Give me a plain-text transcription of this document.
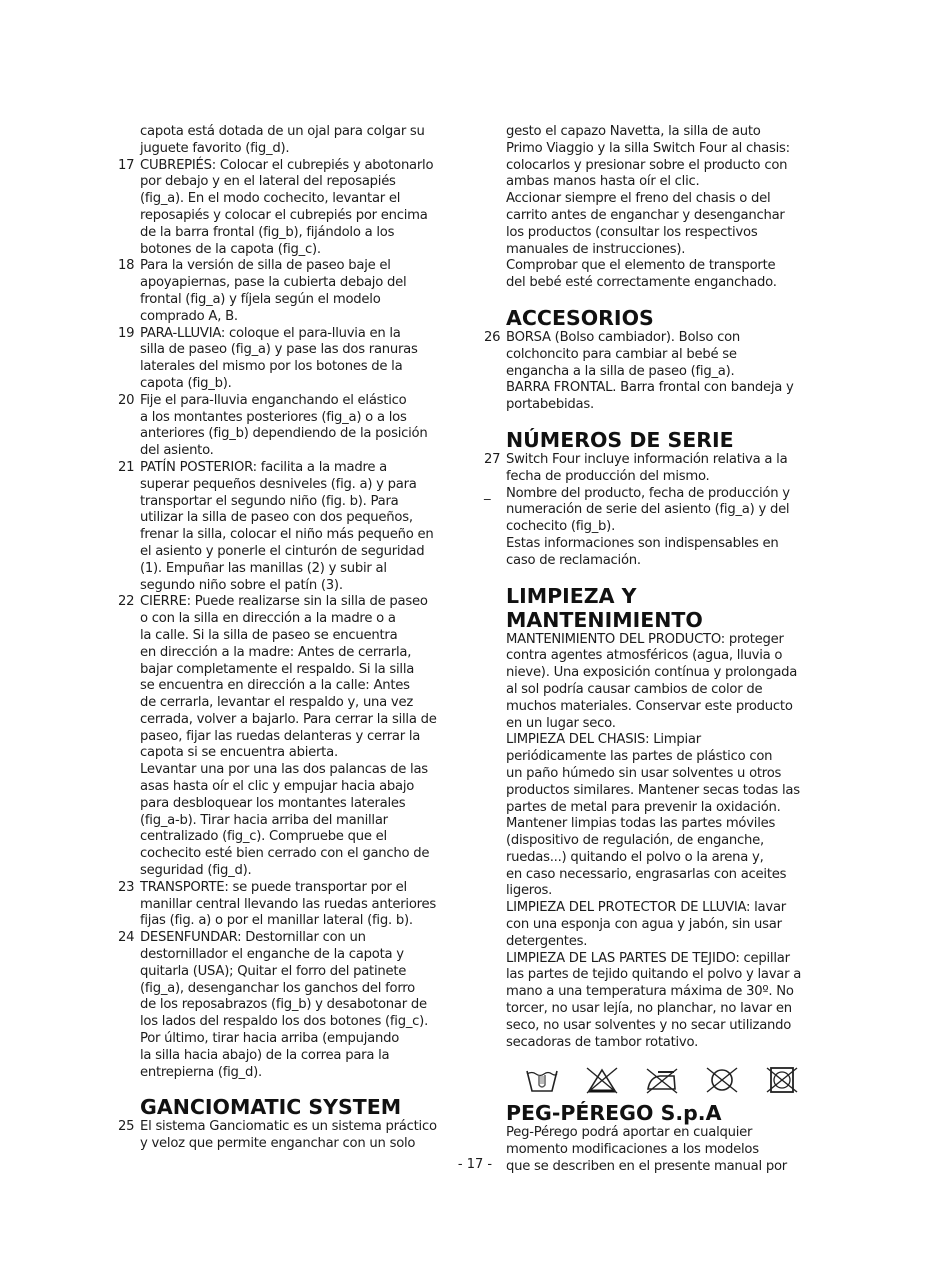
capota está dotada de un ojal para colgar su
juguete favorito (fig_d).
17 CUBREPIÉS: Colocar el cubrepiés y abotonarlo
por debajo y en el lateral del reposapiés
(fig_a). En el modo cochecito, levantar el
reposapiés y colocar el cubrepiés por encima
de la barra frontal (fig_b), fijándolo a los
botones de la capota (fig_c).
18 Para la versión de silla de paseo baje el
apoyapiernas, pase la cubierta debajo del
frontal (fig_a) y fíjela según el modelo
comprado A, B.
19 PARA-LLUVIA: coloque el para-lluvia en la
silla de paseo (fig_a) y pase las dos ranuras
laterales del mismo por los botones de la
capota (fig_b).
20 Fije el para-lluvia enganchando el elástico
a los montantes posteriores (fig_a) o a los
anteriores (fig_b) dependiendo de la posición
del asiento.
21 PATÍN POSTERIOR: facilita a la madre a
superar pequeños desniveles (fig. a) y para
transportar el segundo niño (fig. b). Para
utilizar la silla de paseo con dos pequeños,
frenar la silla, colocar el niño más pequeño en
el asiento y ponerle el cinturón de seguridad
(1). Empuñar las manillas (2) y subir al
segundo niño sobre el patín (3).
22 CIERRE: Puede realizarse sin la silla de paseo
o con la silla en dirección a la madre o a
la calle. Si la silla de paseo se encuentra
en dirección a la madre: Antes de cerrarla,
bajar completamente el respaldo. Si la silla
se encuentra en dirección a la calle: Antes
de cerrarla, levantar el respaldo y, una vez
cerrada, volver a bajarlo. Para cerrar la silla de
paseo, fijar las ruedas delanteras y cerrar la
capota si se encuentra abierta.
Levantar una por una las dos palancas de las
asas hasta oír el clic y empujar hacia abajo
para desbloquear los montantes laterales
(fig_a-b). Tirar hacia arriba del manillar
centralizado (fig_c). Compruebe que el
cochecito esté bien cerrado con el gancho de
seguridad (fig_d).
23 TRANSPORTE: se puede transportar por el
manillar central llevando las ruedas anteriores
fijas (fig. a) o por el manillar lateral (fig. b).
24 DESENFUNDAR: Destornillar con un
destornillador el enganche de la capota y
quitarla (USA); Quitar el forro del patinete
(fig_a), desenganchar los ganchos del forro
de los reposabrazos (fig_b) y desabotonar de
los lados del respaldo los dos botones (fig_c).
Por último, tirar hacia arriba (empujando
la silla hacia abajo) de la correa para la
entrepierna (fig_d).
GANCIOMATIC SYSTEM
25 El sistema Ganciomatic es un sistema práctico
y veloz que permite enganchar con un solo
gesto el capazo Navetta, la silla de auto
Primo Viaggio y la silla Switch Four al chasis:
colocarlos y presionar sobre el producto con
ambas manos hasta oír el clic.
Accionar siempre el freno del chasis o del
carrito antes de enganchar y desenganchar
los productos (consultar los respectivos
manuales de instrucciones).
Comprobar que el elemento de transporte
del bebé esté correctamente enganchado.
ACCESORIOS
26 BORSA (Bolso cambiador). Bolso con
colchoncito para cambiar al bebé se
engancha a la silla de paseo (fig_a).
BARRA FRONTAL. Barra frontal con bandeja y
portabebidas.
NÚMEROS DE SERIE
27 Switch Four incluye información relativa a la
fecha de producción del mismo.
_	Nombre del producto, fecha de producción y
numeración de serie del asiento (fig_a) y del
cochecito (fig_b).
Estas informaciones son indispensables en
caso de reclamación.
LIMPIEZA Y MANTENIMIENTO
MANTENIMIENTO DEL PRODUCTO: proteger
contra agentes atmosféricos (agua, lluvia o
nieve). Una exposición contínua y prolongada
al sol podría causar cambios de color de
muchos materiales. Conservar este producto
en un lugar seco.
LIMPIEZA DEL CHASIS: Limpiar
periódicamente las partes de plástico con
un paño húmedo sin usar solventes u otros
productos similares. Mantener secas todas las
partes de metal para prevenir la oxidación.
Mantener limpias todas las partes móviles
(dispositivo de regulación, de enganche,
ruedas...) quitando el polvo o la arena y,
en caso necessario, engrasarlas con aceites
ligeros.
LIMPIEZA DEL PROTECTOR DE LLUVIA: lavar
con una esponja con agua y jabón, sin usar
detergentes.
LIMPIEZA DE LAS PARTES DE TEJIDO: cepillar
las partes de tejido quitando el polvo y lavar a
mano a una temperatura máxima de 30º. No
torcer, no usar lejía, no planchar, no lavar en
seco, no usar solventes y no secar utilizando
secadoras de tambor rotativo.
PEG-PÉREGO S.p.A
Peg-Pérego podrá aportar en cualquier
momento modificaciones a los modelos
que se describen en el presente manual por
- 17 -
